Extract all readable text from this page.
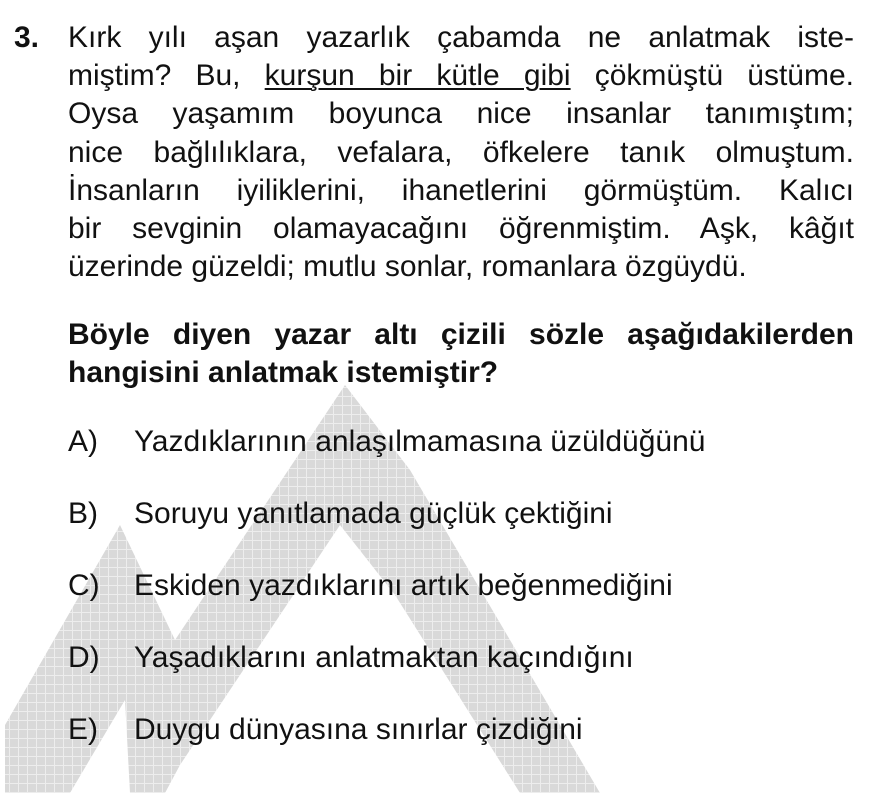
3. Kırk yılı aşan yazarlık çabamda ne anlatmak iste-
miştim? Bu, kurşun bir kütle gibi çökmüştü üstüme.
Oysa yaşamım boyunca nice insanlar tanımıştım;
nice bağlılıklara, vefalara, öfkelere tanık olmuştum.
İnsanların iyiliklerini, ihanetlerini görmüştüm. Kalıcı
bir sevginin olamayacağını öğrenmiştim. Aşk, kâğıt
üzerinde güzeldi; mutlu sonlar, romanlara özgüydü.
Böyle diyen yazar altı çizili sözle aşağıdakilerden
hangisini anlatmak istemiştir?
A) Yazdıklarının anlaşılmamasına üzüldüğünü
B) Soruyu yanıtlamada güçlük çektiğini
C) Eskiden yazdıklarını artık beğenmediğini
D) Yaşadıklarını anlatmaktan kaçındığını
E) Duygu dünyasına sınırlar çizdiğini
